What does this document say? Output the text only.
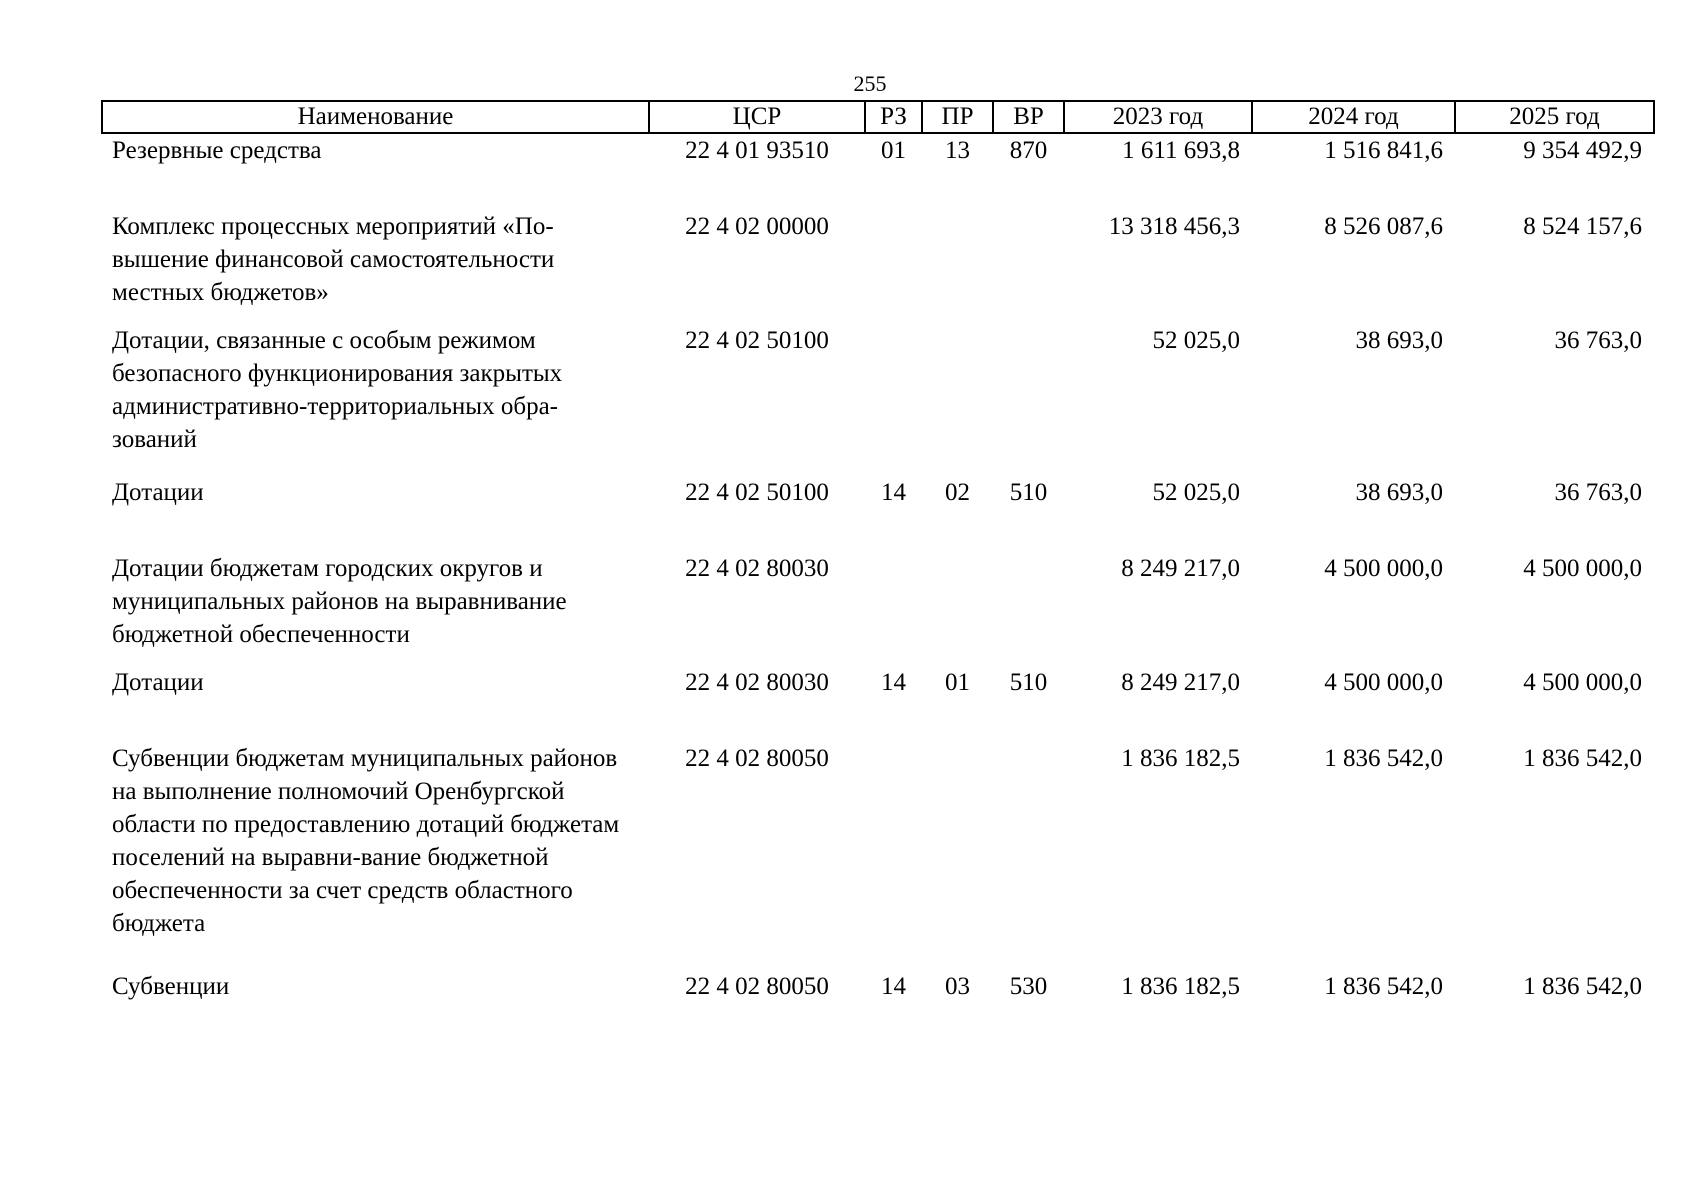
255
Наименование	ЦСР	РЗ	ПР	ВР	2023 год	2024 год	2025 год
Резервные средства	22 4 01 93510	01	13	870	1 611 693,8	1 516 841,6	9 354 492,9
Комплекс процессных мероприятий «По-вышение финансовой самостоятельности местных бюджетов»	22 4 02 00000				13 318 456,3	8 526 087,6	8 524 157,6
Дотации, связанные с особым режимом безопасного функционирования закрытых административно-территориальных обра-зований	22 4 02 50100				52 025,0	38 693,0	36 763,0
Дотации	22 4 02 50100	14	02	510	52 025,0	38 693,0	36 763,0
Дотации бюджетам городских округов и муниципальных районов на выравнивание бюджетной обеспеченности	22 4 02 80030				8 249 217,0	4 500 000,0	4 500 000,0
Дотации	22 4 02 80030	14	01	510	8 249 217,0	4 500 000,0	4 500 000,0
Субвенции бюджетам муниципальных районов на выполнение полномочий Оренбургской области по предоставлению дотаций бюджетам поселений на выравни-вание бюджетной обеспеченности за счет средств областного бюджета	22 4 02 80050				1 836 182,5	1 836 542,0	1 836 542,0
Субвенции	22 4 02 80050	14	03	530	1 836 182,5	1 836 542,0	1 836 542,0
